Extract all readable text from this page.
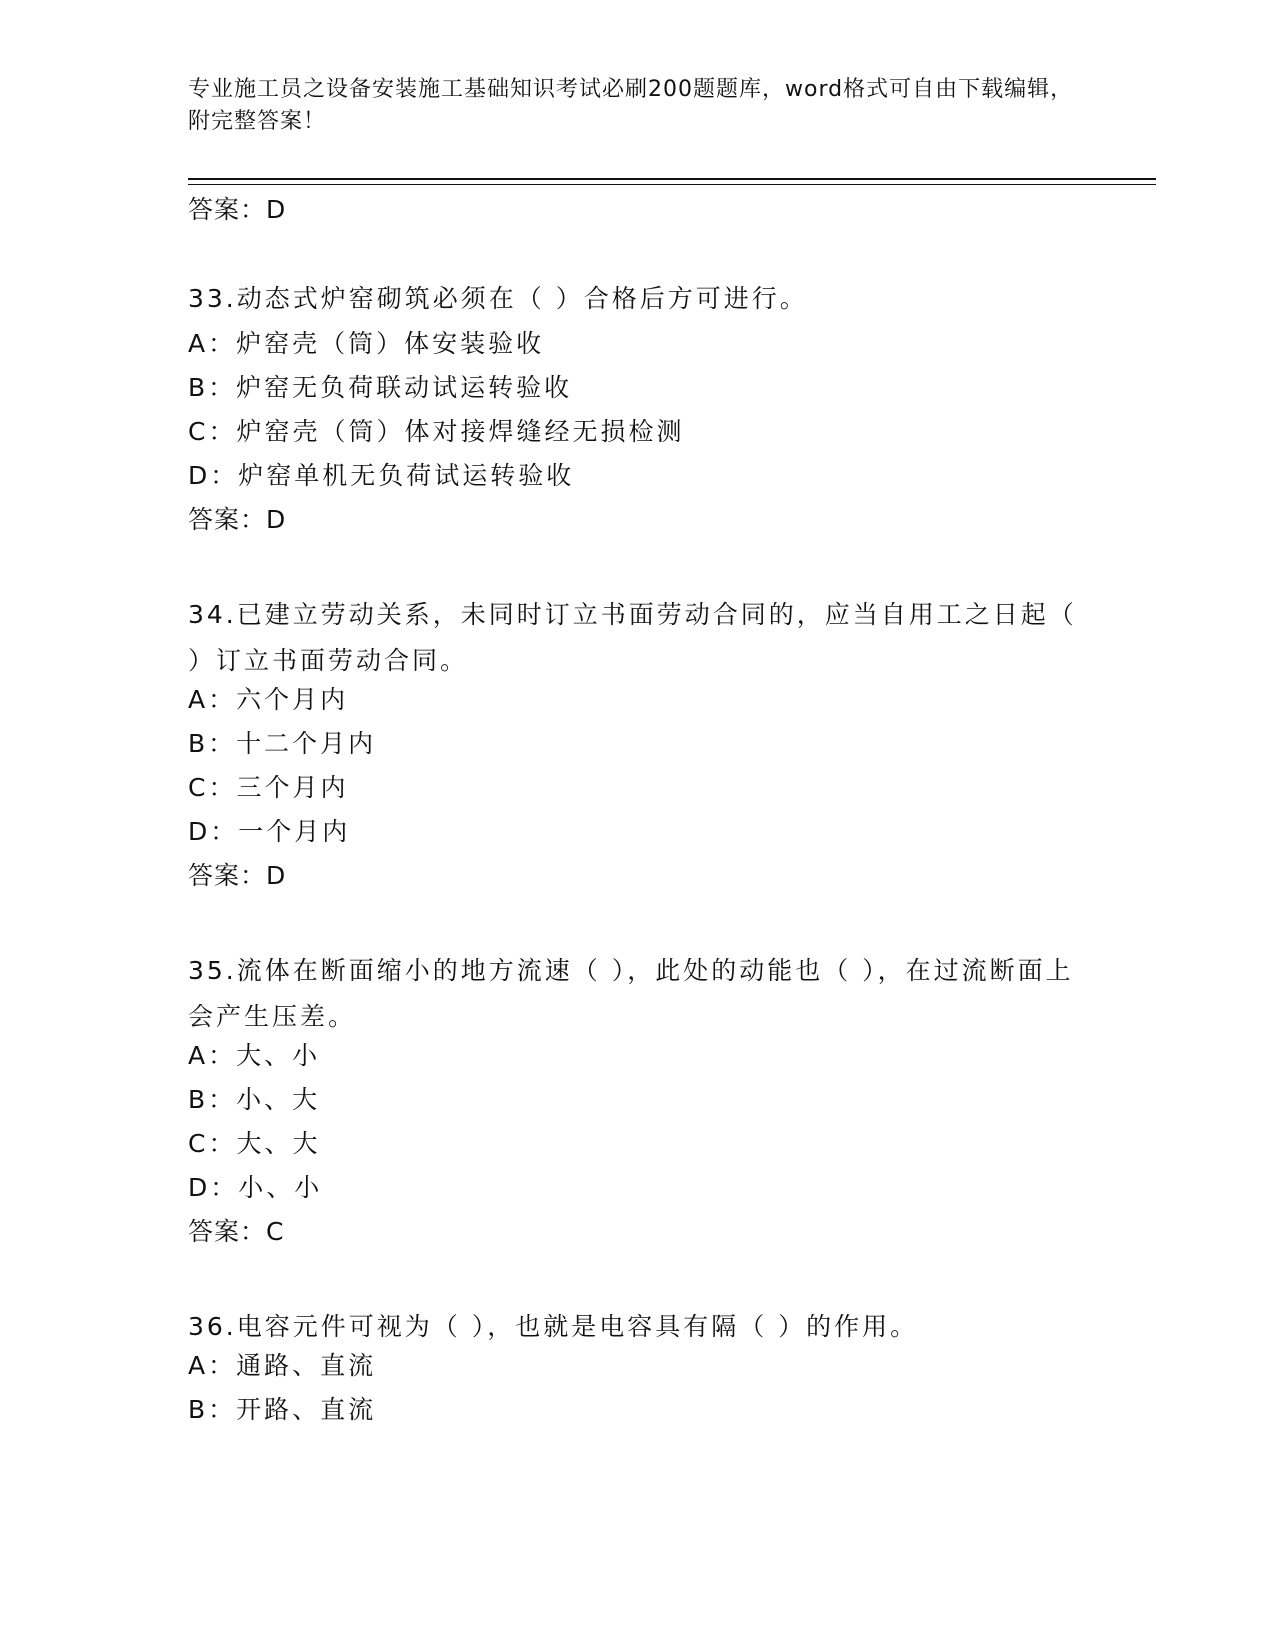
专业施工员之设备安装施工基础知识考试必刷200题题库，word格式可自由下载编辑，附完整答案！
答案：D
33.动态式炉窑砌筑必须在（ ）合格后方可进行。
A：炉窑壳（筒）体安装验收
B：炉窑无负荷联动试运转验收
C：炉窑壳（筒）体对接焊缝经无损检测
D：炉窑单机无负荷试运转验收
答案：D
34.已建立劳动关系，未同时订立书面劳动合同的，应当自用工之日起（ ）订立书面劳动合同。
A：六个月内
B：十二个月内
C：三个月内
D：一个月内
答案：D
35.流体在断面缩小的地方流速（ ），此处的动能也（ ），在过流断面上会产生压差。
A：大、小
B：小、大
C：大、大
D：小、小
答案：C
36.电容元件可视为（ ），也就是电容具有隔（ ）的作用。
A：通路、直流
B：开路、直流
